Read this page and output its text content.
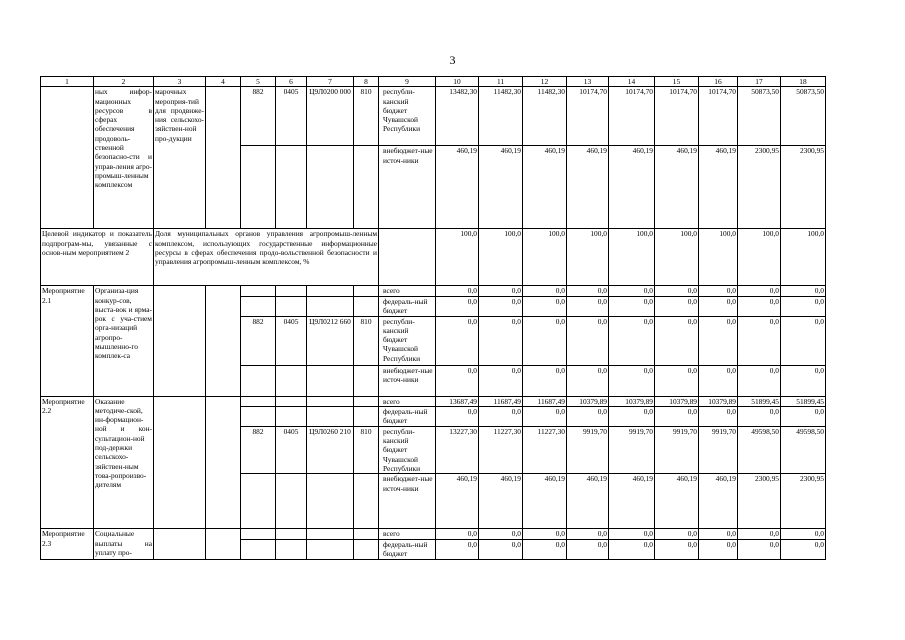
3
1	2	3	4	5	6	7	8	9	10	11	12	13	14	15	16	17	18
	ных инфор-мационных ресурсов в сферах обеспечения продоволь-ственной безопасно-сти и управ-ления агро-промыш-ленным комплексом	марочных мероприя-тий для продвиже-ния сельскохо-зяйствен-ной про-дукции		882	0405	Ц9Л0200 000	810	республи-канский бюджет Чувашской Республики	13482,30	11482,30	11482,30	10174,70	10174,70	10174,70	10174,70	50873,50	50873,50
								внебюджет-ные источ-ники	460,19	460,19	460,19	460,19	460,19	460,19	460,19	2300,95	2300,95
Целевой индикатор и показатель подпрограм-мы, увязанные с основ-ным мероприятием 2		Доля муниципальных органов управления агропромыш-ленным комплексом, использующих государственные информационные ресурсы в сферах обеспечения продо-вольственной безопасности и управления агропромыш-ленным комплексом, %							100,0	100,0	100,0	100,0	100,0	100,0	100,0	100,0	100,0
Мероприятие 2.1	Организа-ция конкур-сов, выста-вок и ярма-рок с уча-стием орга-низаций агропро-мышленно-го комплек-са							всего	0,0	0,0	0,0	0,0	0,0	0,0	0,0	0,0	0,0
								федераль-ный бюджет	0,0	0,0	0,0	0,0	0,0	0,0	0,0	0,0	0,0
				882	0405	Ц9Л0212 660	810	республи-канский бюджет Чувашской Республики	0,0	0,0	0,0	0,0	0,0	0,0	0,0	0,0	0,0
								внебюджет-ные источ-ники	0,0	0,0	0,0	0,0	0,0	0,0	0,0	0,0	0,0
Мероприятие 2.2	Оказание методиче-ской, ин-формацион-ной и кон-сультацион-ной под-держки сельскохо-зяйствен-ным това-ропроизво-дителям							всего	13687,49	11687,49	11687,49	10379,89	10379,89	10379,89	10379,89	51899,45	51899,45
								федераль-ный бюджет	0,0	0,0	0,0	0,0	0,0	0,0	0,0	0,0	0,0
				882	0405	Ц9Л0260 210	810	республи-канский бюджет Чувашской Республики	13227,30	11227,30	11227,30	9919,70	9919,70	9919,70	9919,70	49598,50	49598,50
								внебюджет-ные источ-ники	460,19	460,19	460,19	460,19	460,19	460,19	460,19	2300,95	2300,95
Мероприятие 2.3	Социальные выплаты на уплату про-							всего	0,0	0,0	0,0	0,0	0,0	0,0	0,0	0,0	0,0
								федераль-ный бюджет	0,0	0,0	0,0	0,0	0,0	0,0	0,0	0,0	0,0
